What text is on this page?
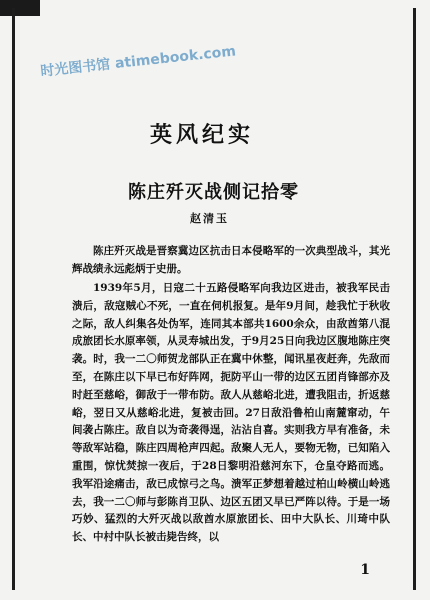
时光图书馆 atimebook.com
英风纪实
陈庄歼灭战侧记拾零
赵清玉
陈庄歼灭战是晋察冀边区抗击日本侵略军的一次典型战斗，其光辉战绩永远彪炳于史册。
1939年5月，日寇二十五路侵略军向我边区进击，被我军民击溃后，敌寇贼心不死，一直在伺机报复。是年9月间，趁我忙于秋收之际，敌人纠集各处伪军，连同其本部共1600余众，由敌酋第八混成旅团长水原率领，从灵寿城出发，于9月25日向我边区腹地陈庄突袭。时，我一二〇师贺龙部队正在冀中休整，闻讯星夜赶奔，先敌而至，在陈庄以下早已布好阵网，扼防平山一带的边区五团肖锋部亦及时赶至慈峪，御敌于一带布防。敌人从慈峪北进，遭我阻击，折返慈峪，翌日又从慈峪北进，复被击回。27日敌沿鲁柏山南麓窜动，午间袭占陈庄。敌自以为奇袭得逞，沾沾自喜。实则我方早有准备，未等敌军站稳，陈庄四周枪声四起。敌聚人无人，要物无物，已知陷入重围，惊忧焚掠一夜后，于28日黎明沿慈河东下，仓皇夺路而逃。我军沿途痛击，敌已成惊弓之鸟。溃军正梦想着越过柏山岭横山岭逃去，我一二〇师与彭陈肖卫队、边区五团又早已严阵以待。于是一场巧妙、猛烈的大歼灭战以敌酋水原旅团长、田中大队长、川琦中队长、中村中队长被击毙告终，以
1
